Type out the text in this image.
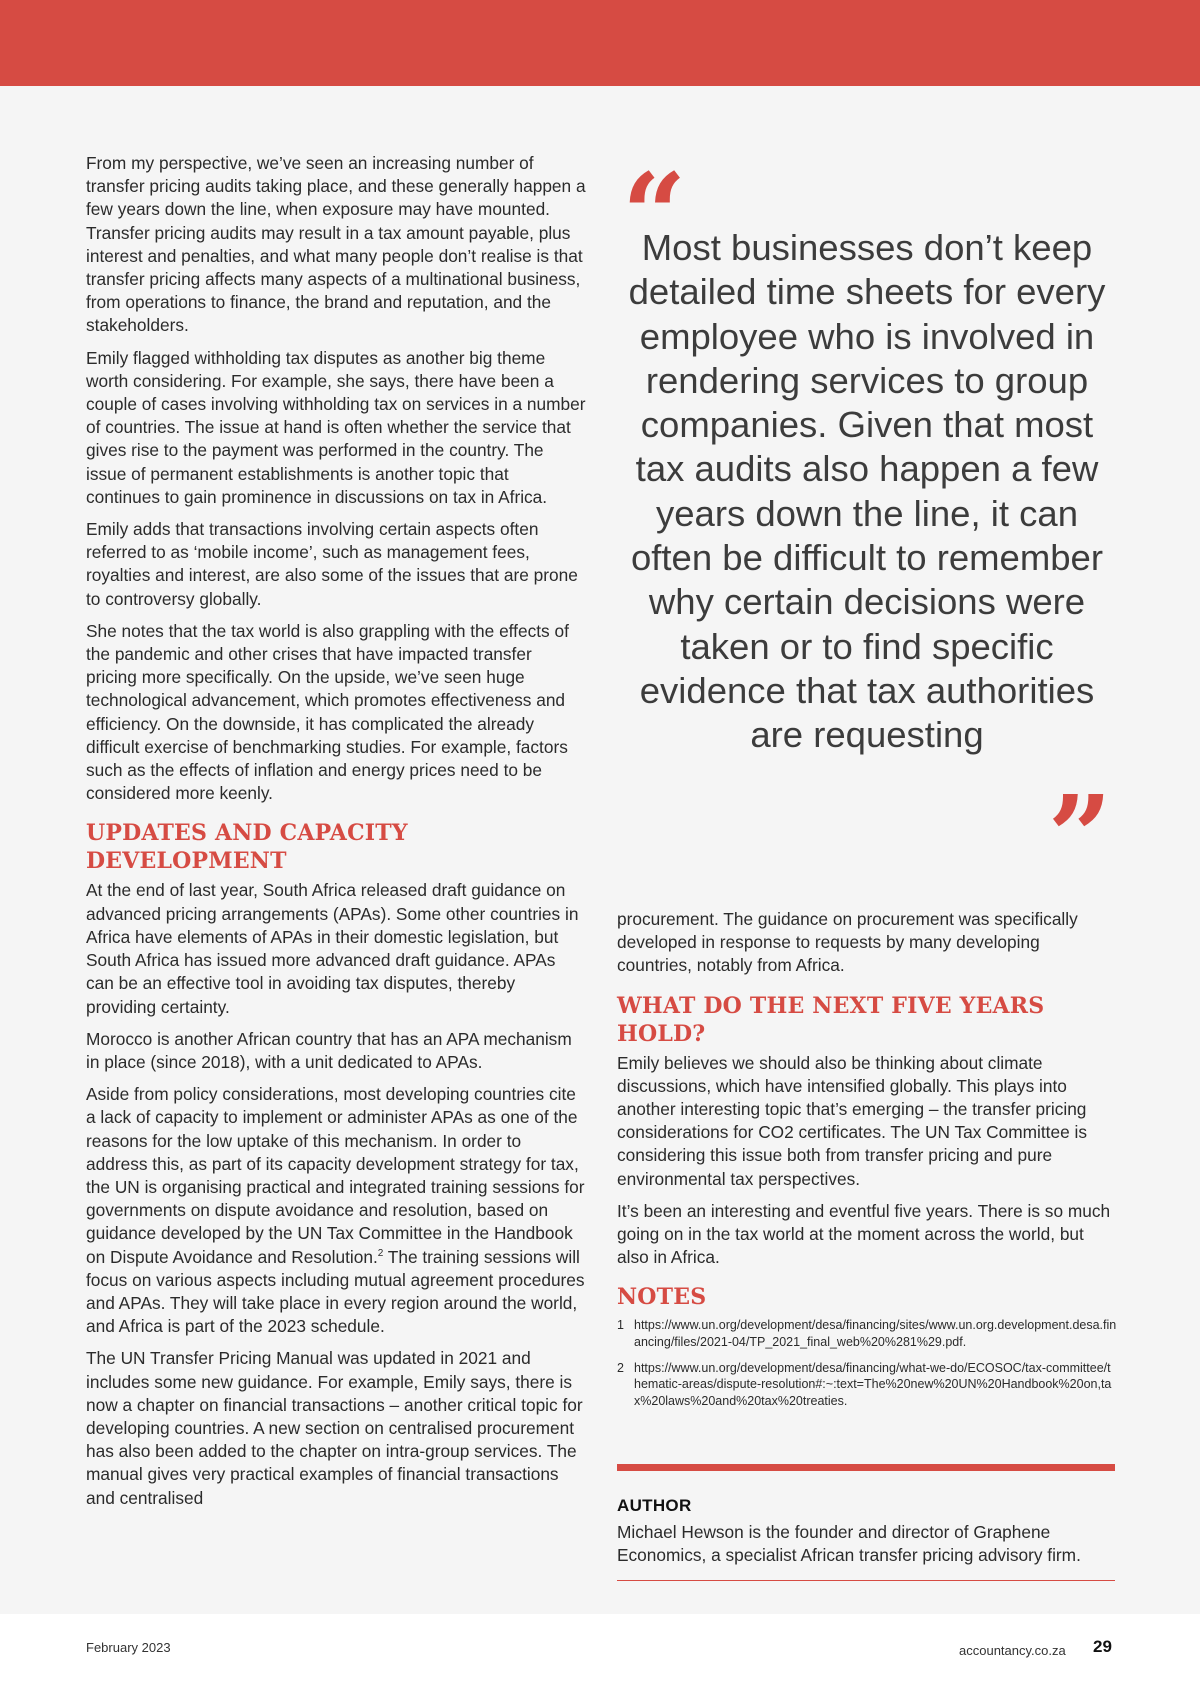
From my perspective, we’ve seen an increasing number of transfer pricing audits taking place, and these generally happen a few years down the line, when exposure may have mounted. Transfer pricing audits may result in a tax amount payable, plus interest and penalties, and what many people don’t realise is that transfer pricing affects many aspects of a multinational business, from operations to finance, the brand and reputation, and the stakeholders.

Emily flagged withholding tax disputes as another big theme worth considering. For example, she says, there have been a couple of cases involving withholding tax on services in a number of countries. The issue at hand is often whether the service that gives rise to the payment was performed in the country. The issue of permanent establishments is another topic that continues to gain prominence in discussions on tax in Africa.

Emily adds that transactions involving certain aspects often referred to as ‘mobile income’, such as management fees, royalties and interest, are also some of the issues that are prone to controversy globally.

She notes that the tax world is also grappling with the effects of the pandemic and other crises that have impacted transfer pricing more specifically. On the upside, we’ve seen huge technological advancement, which promotes effectiveness and efficiency. On the downside, it has complicated the already difficult exercise of benchmarking studies. For example, factors such as the effects of inflation and energy prices need to be considered more keenly.

UPDATES AND CAPACITY DEVELOPMENT

At the end of last year, South Africa released draft guidance on advanced pricing arrangements (APAs). Some other countries in Africa have elements of APAs in their domestic legislation, but South Africa has issued more advanced draft guidance. APAs can be an effective tool in avoiding tax disputes, thereby providing certainty.

Morocco is another African country that has an APA mechanism in place (since 2018), with a unit dedicated to APAs.

Aside from policy considerations, most developing countries cite a lack of capacity to implement or administer APAs as one of the reasons for the low uptake of this mechanism. In order to address this, as part of its capacity development strategy for tax, the UN is organising practical and integrated training sessions for governments on dispute avoidance and resolution, based on guidance developed by the UN Tax Committee in the Handbook on Dispute Avoidance and Resolution.$^2$ The training sessions will focus on various aspects including mutual agreement procedures and APAs. They will take place in every region around the world, and Africa is part of the 2023 schedule.

The UN Transfer Pricing Manual was updated in 2021 and includes some new guidance. For example, Emily says, there is now a chapter on financial transactions – another critical topic for developing countries. A new section on centralised procurement has also been added to the chapter on intra-group services. The manual gives very practical examples of financial transactions and centralised

“
Most businesses don’t keep detailed time sheets for every employee who is involved in rendering services to group companies. Given that most tax audits also happen a few years down the line, it can often be difficult to remember why certain decisions were taken or to find specific evidence that tax authorities are requesting
”

procurement. The guidance on procurement was specifically developed in response to requests by many developing countries, notably from Africa.

WHAT DO THE NEXT FIVE YEARS HOLD?

Emily believes we should also be thinking about climate discussions, which have intensified globally. This plays into another interesting topic that’s emerging – the transfer pricing considerations for CO2 certificates. The UN Tax Committee is considering this issue both from transfer pricing and pure environmental tax perspectives.

It’s been an interesting and eventful five years. There is so much going on in the tax world at the moment across the world, but also in Africa.

NOTES
1 https://www.un.org/development/desa/financing/sites/www.un.org.development.desa.financing/files/2021-04/TP_2021_final_web%20%281%29.pdf.
2 https://www.un.org/development/desa/financing/what-we-do/ECOSOC/tax-committee/thematic-areas/dispute-resolution#:~:text=The%20new%20UN%20Handbook%20on,tax%20laws%20and%20tax%20treaties.
AUTHOR

Michael Hewson is the founder and director of Graphene Economics, a specialist African transfer pricing advisory firm.

February 2023	accountancy.co.za 29
